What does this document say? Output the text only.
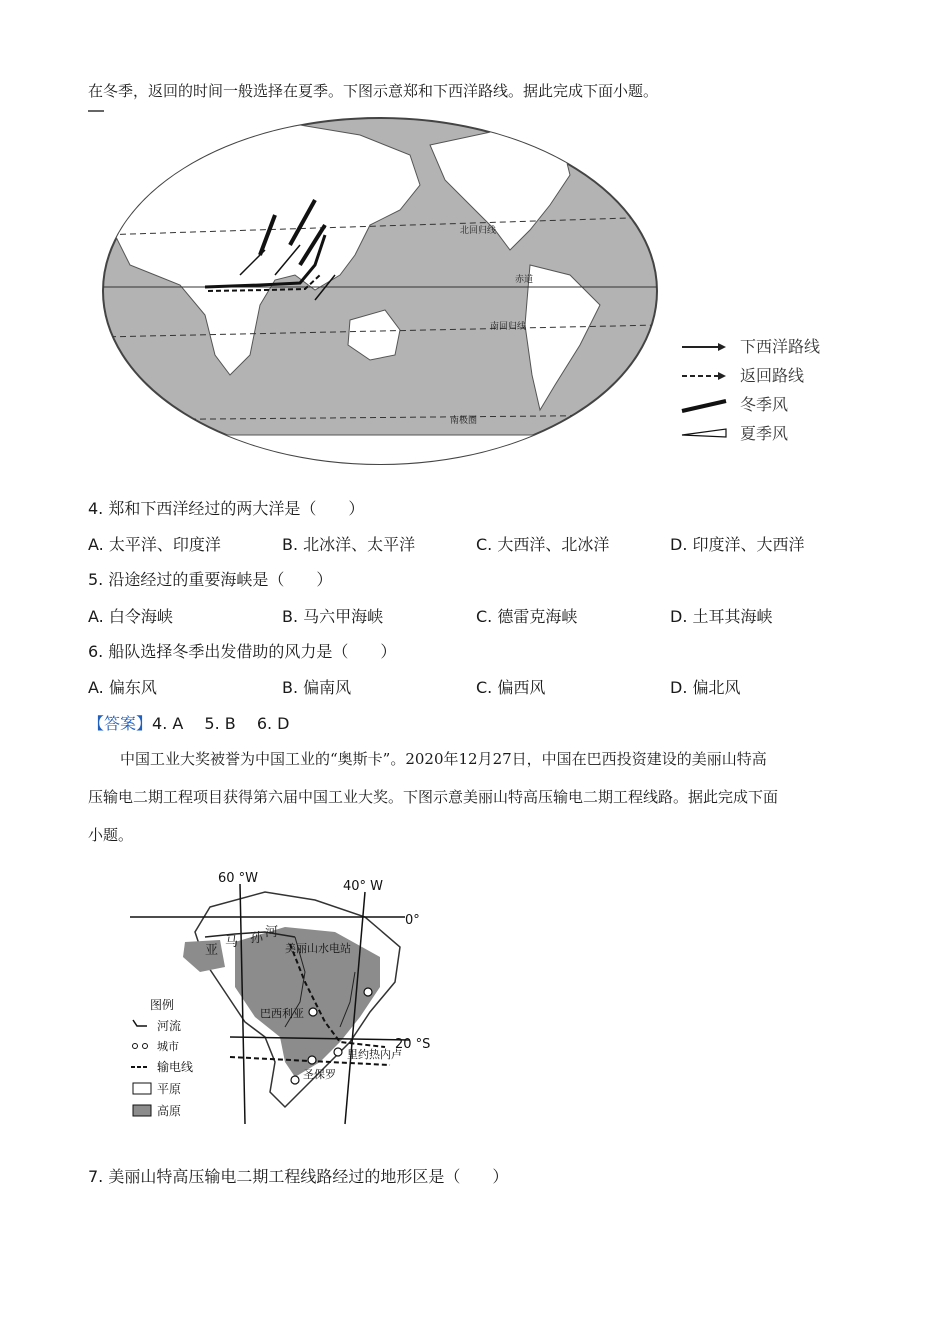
在冬季，返回的时间一般选择在夏季。下图示意郑和下西洋路线。据此完成下面小题。
北回归线
赤道
南回归线
南极圈
下西洋路线
返回路线
冬季风
夏季风
4. 郑和下西洋经过的两大洋是（　　）
A. 太平洋、印度洋	B. 北冰洋、太平洋	C. 大西洋、北冰洋	D. 印度洋、大西洋
5. 沿途经过的重要海峡是（　　）
A. 白令海峡	B. 马六甲海峡	C. 德雷克海峡	D. 土耳其海峡
6. 船队选择冬季出发借助的风力是（　　）
A. 偏东风	B. 偏南风	C. 偏西风	D. 偏北风
【答案】4. A　 5. B　 6. D
中国工业大奖被誉为中国工业的“奥斯卡”。2020年12月27日，中国在巴西投资建设的美丽山特高
压输电二期工程项目获得第六届中国工业大奖。下图示意美丽山特高压输电二期工程线路。据此完成下面
小题。
60 °W
40° W
0°
20 °S
亚
马 孙 河
美丽山水电站
巴西利亚
里约热内卢
圣保罗
图例
河流
城市
输电线
平原
高原
7. 美丽山特高压输电二期工程线路经过的地形区是（　　）
